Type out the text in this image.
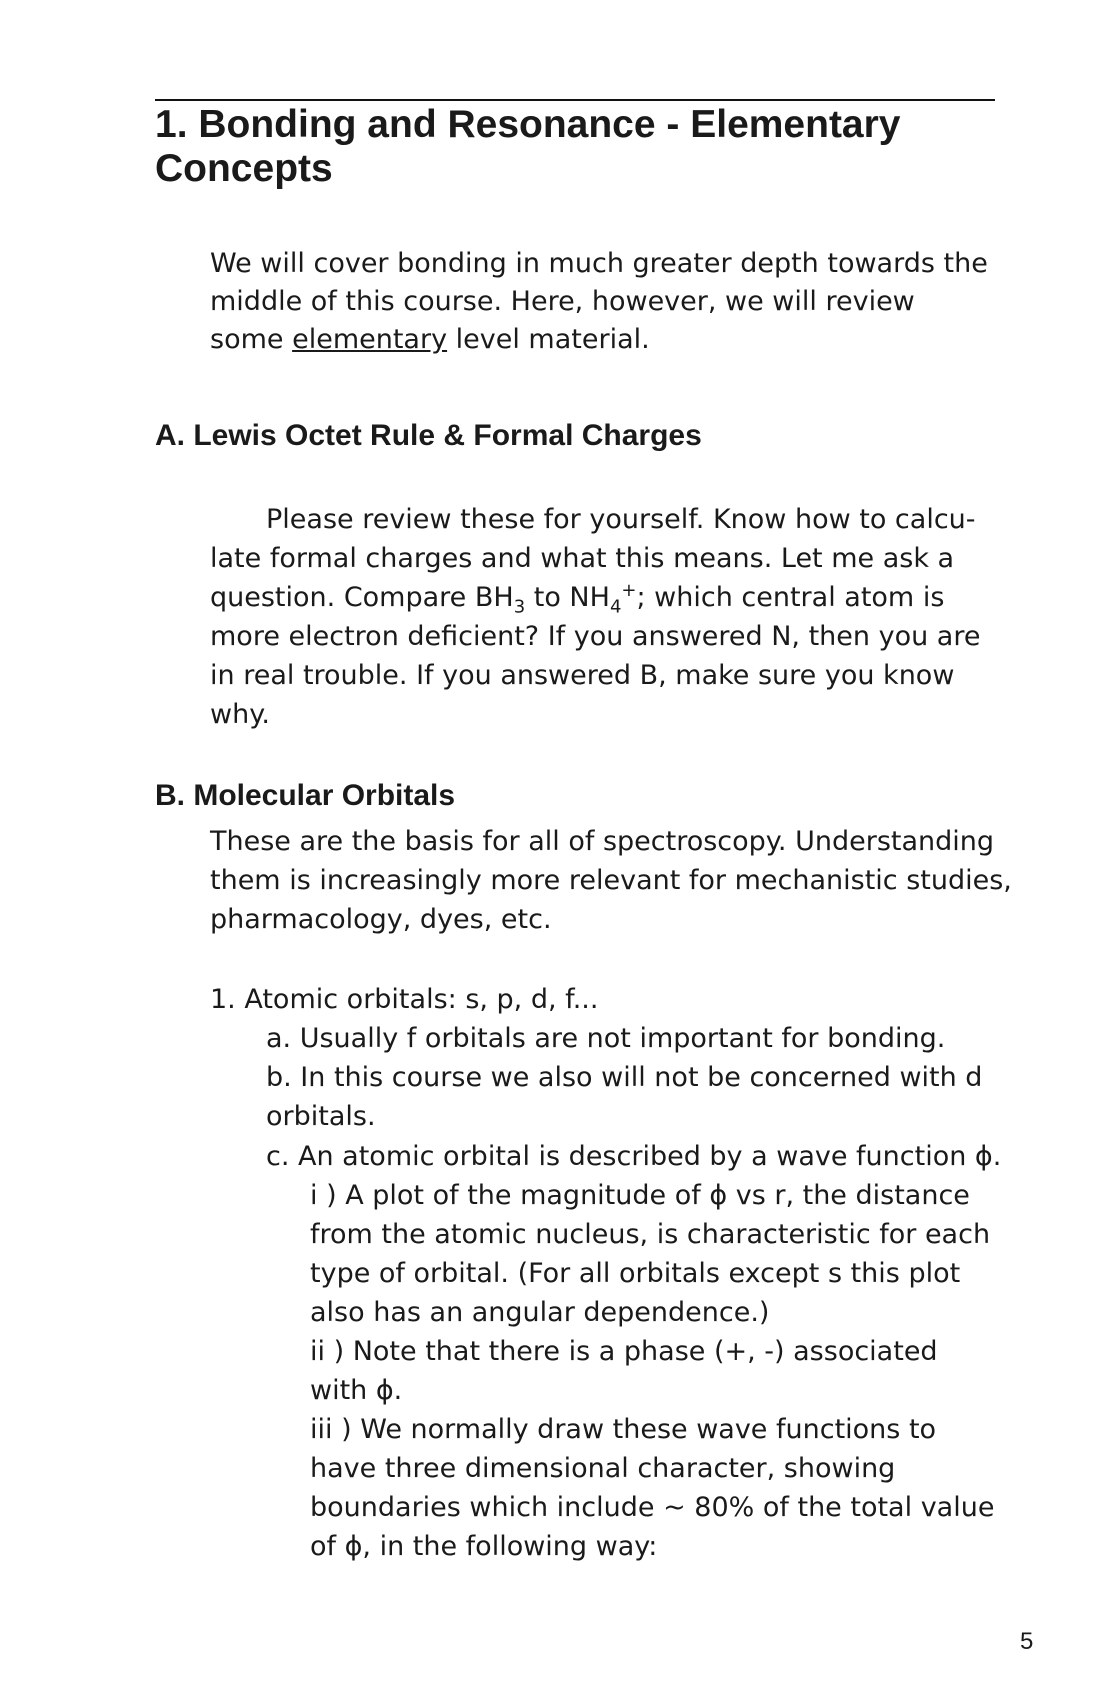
1. Bonding and Resonance - Elementary
Concepts
We will cover bonding in much greater depth towards the
middle of this course. Here, however, we will review
some elementary level material.
A. Lewis Octet Rule & Formal Charges
Please review these for yourself. Know how to calcu-
late formal charges and what this means. Let me ask a
question. Compare $BH_3$ to $NH_4^+$; which central atom is
more electron deficient? If you answered N, then you are
in real trouble. If you answered B, make sure you know
why.
B. Molecular Orbitals
These are the basis for all of spectroscopy. Understanding
them is increasingly more relevant for mechanistic studies,
pharmacology, dyes, etc.
1. Atomic orbitals: s, p, d, f...
a. Usually f orbitals are not important for bonding.
b. In this course we also will not be concerned with d
orbitals.
c. An atomic orbital is described by a wave function ϕ.
i ) A plot of the magnitude of ϕ vs r, the distance
from the atomic nucleus, is characteristic for each
type of orbital. (For all orbitals except s this plot
also has an angular dependence.)
ii ) Note that there is a phase (+, -) associated
with ϕ.
iii ) We normally draw these wave functions to
have three dimensional character, showing
boundaries which include ~ 80% of the total value
of ϕ, in the following way:
5
